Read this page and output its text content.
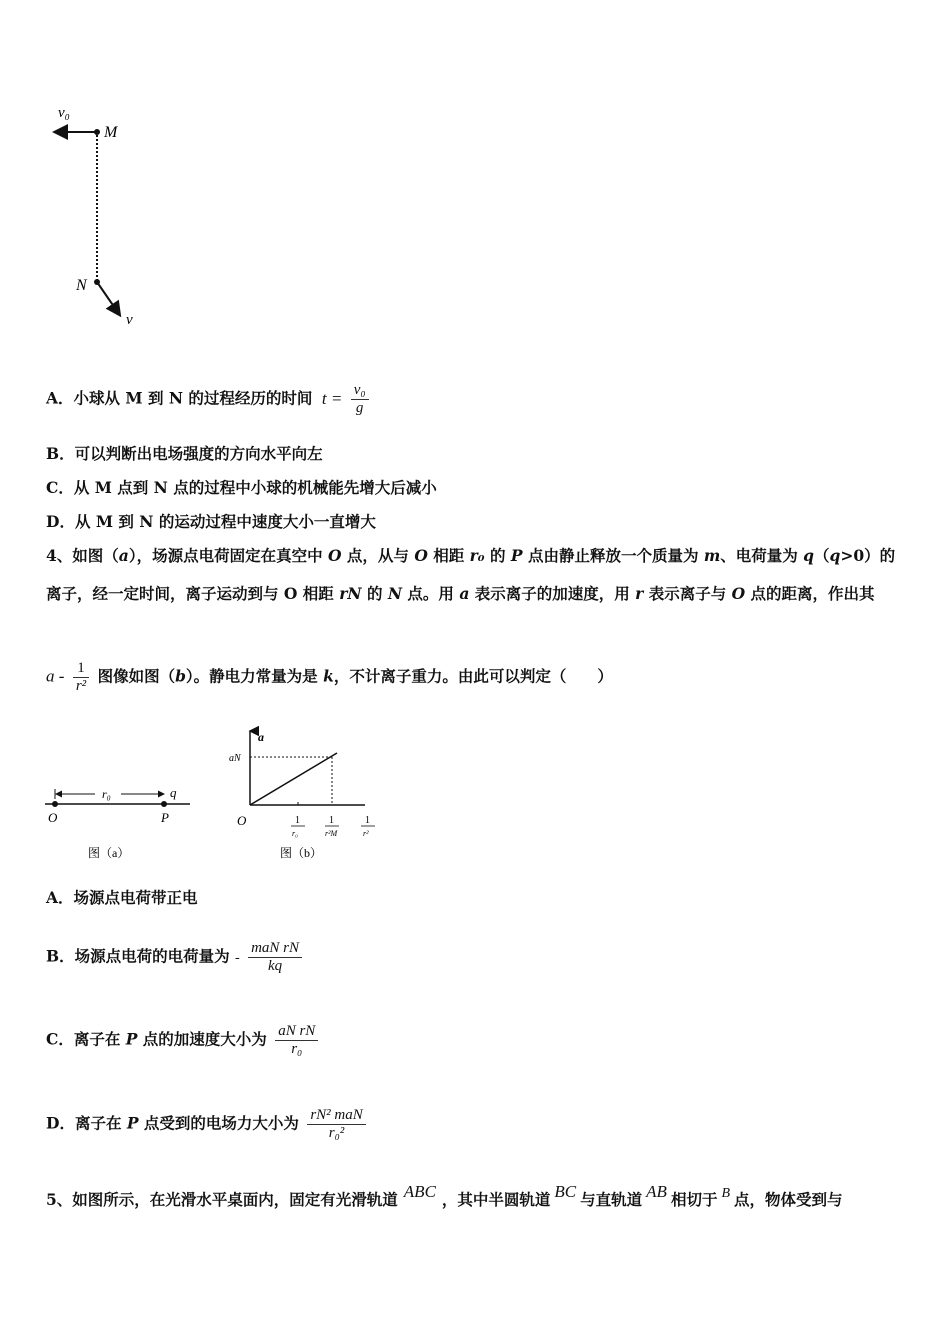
v₀
M
N
v
A．小球从 M 到 N 的过程经历的时间 $t = \frac{\text{v₀}}{g}$
B．可以判断出电场强度的方向水平向左
C．从 M 点到 N 点的过程中小球的机械能先增大后减小
D．从 M 到 N 的运动过程中速度大小一直增大
4、如图（a），场源点电荷固定在真空中 O 点，从与 O 相距 r₀ 的 P 点由静止释放一个质量为 m、电荷量为 q（q>0）的
离子，经一定时间，离子运动到与 O 相距 rN 的 N 点。用 a 表示离子的加速度，用 r 表示离子与 O 点的距离，作出其
a - $\frac{1}{\text{r²}}$ 图像如图（b）。静电力常量为是 k，不计离子重力。由此可以判定（　　）
r₀	q
O	P
图（a）
a
aN
O	1
r₀
1
r²M
1
r²
图（b）
A．场源点电荷带正电
B．场源点电荷的电荷量为 - $\frac{\text{maN rN}}{kq}$
C．离子在 P 点的加速度大小为 $\frac{\text{aN rN}}{\text{r₀}}$
D．离子在 P 点受到的电场力大小为 $\frac{\text{rN² maN}}{\text{r₀²}}$
5、如图所示，在光滑水平桌面内，固定有光滑轨道 ABC ，其中半圆轨道 BC 与直轨道 AB 相切于 B 点，物体受到与
